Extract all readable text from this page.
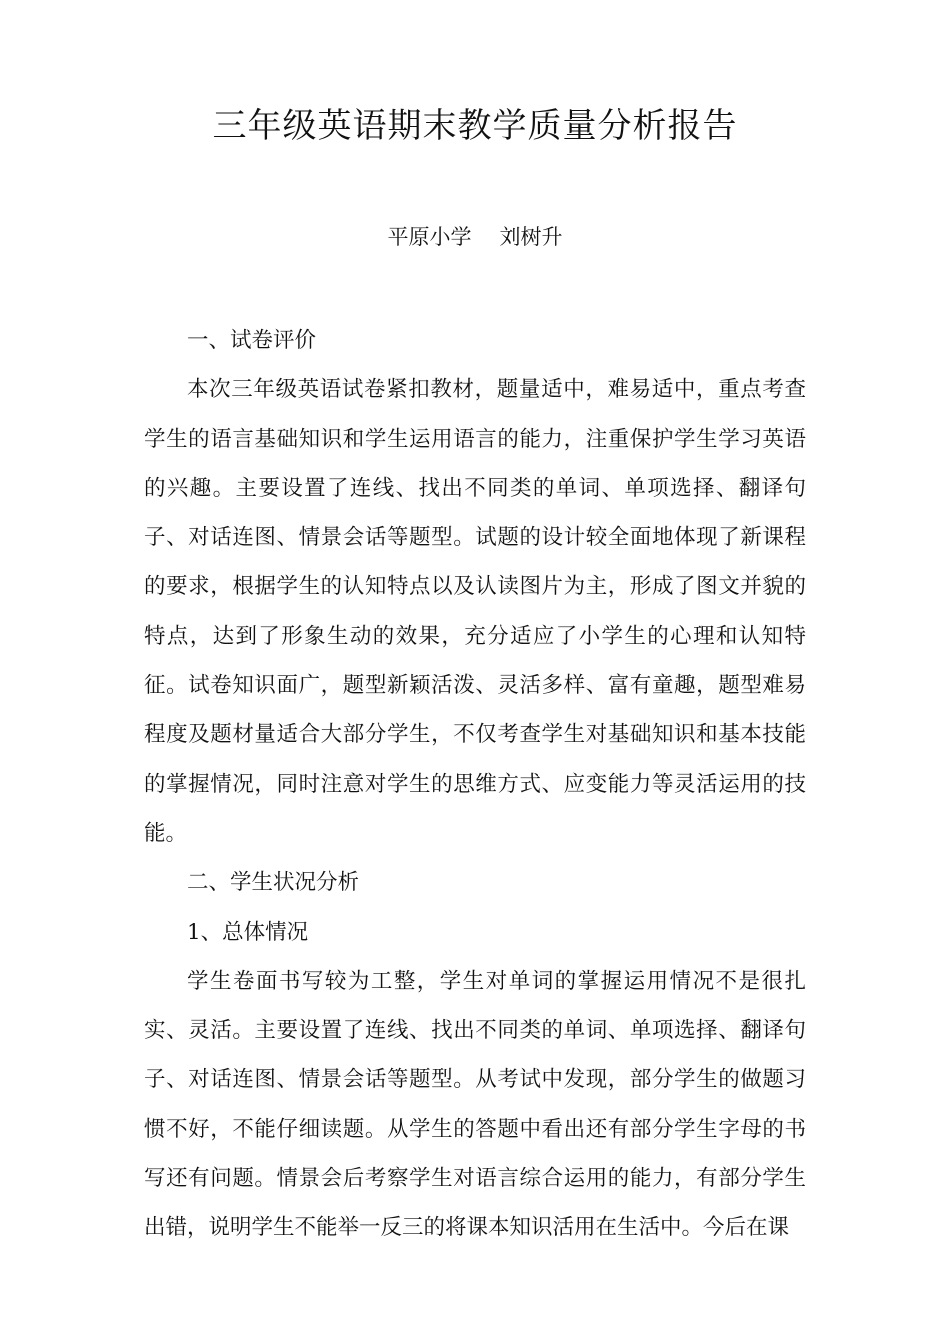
三年级英语期末教学质量分析报告
平原小学 刘树升

一、试卷评价

本次三年级英语试卷紧扣教材，题量适中，难易适中，重点考查学生的语言基础知识和学生运用语言的能力，注重保护学生学习英语的兴趣。主要设置了连线、找出不同类的单词、单项选择、翻译句子、对话连图、情景会话等题型。试题的设计较全面地体现了新课程的要求，根据学生的认知特点以及认读图片为主，形成了图文并貌的特点，达到了形象生动的效果，充分适应了小学生的心理和认知特征。试卷知识面广，题型新颖活泼、灵活多样、富有童趣，题型难易程度及题材量适合大部分学生，不仅考查学生对基础知识和基本技能的掌握情况，同时注意对学生的思维方式、应变能力等灵活运用的技能。

二、学生状况分析

1、总体情况

学生卷面书写较为工整，学生对单词的掌握运用情况不是很扎实、灵活。主要设置了连线、找出不同类的单词、单项选择、翻译句子、对话连图、情景会话等题型。从考试中发现，部分学生的做题习惯不好，不能仔细读题。从学生的答题中看出还有部分学生字母的书写还有问题。情景会后考察学生对语言综合运用的能力，有部分学生出错，说明学生不能举一反三的将课本知识活用在生活中。今后在课
